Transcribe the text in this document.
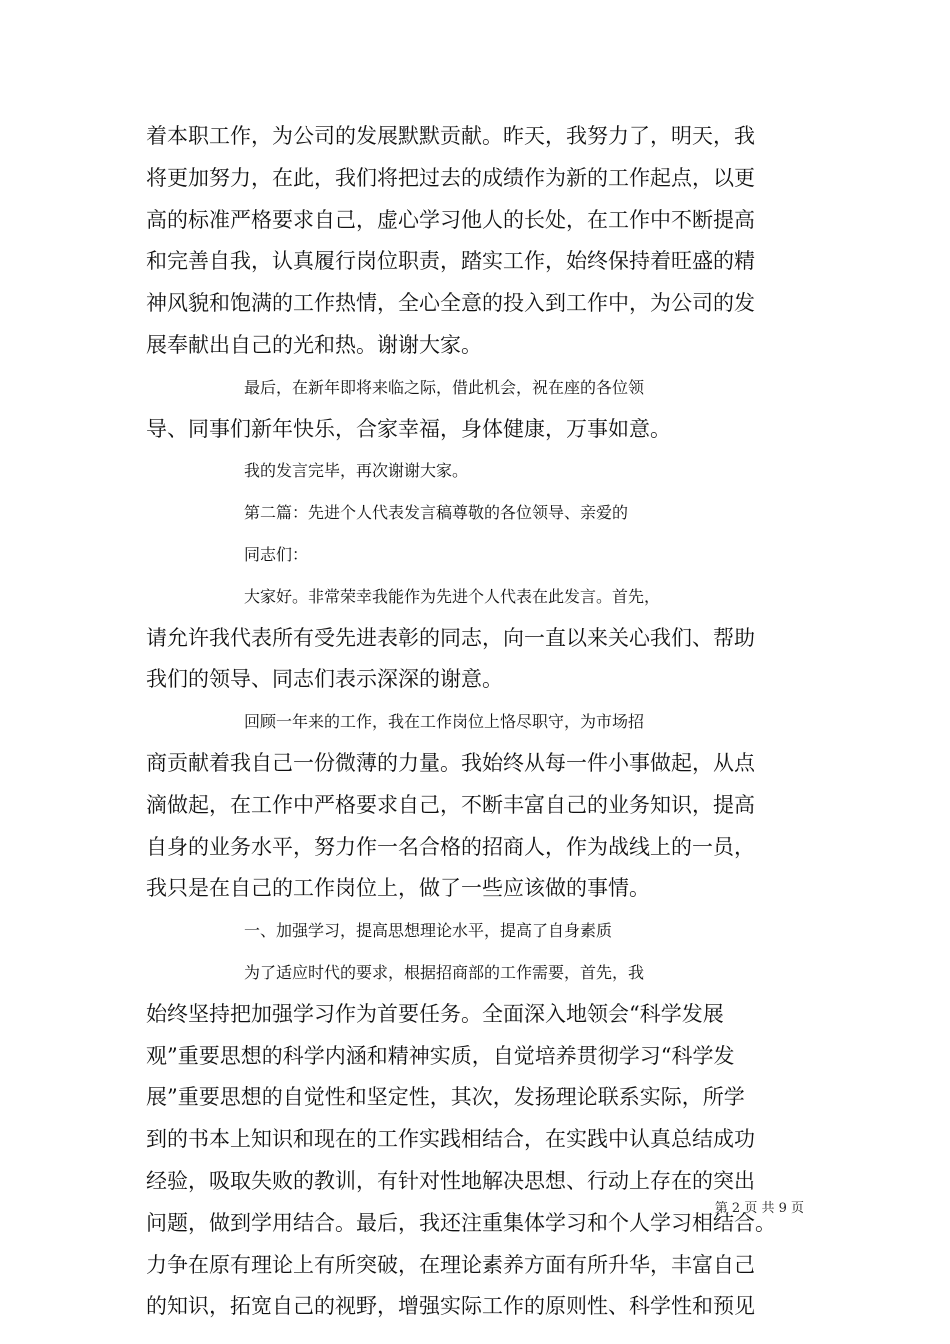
着本职工作，为公司的发展默默贡献。昨天，我努力了，明天，我
将更加努力，在此，我们将把过去的成绩作为新的工作起点，以更
高的标准严格要求自己，虚心学习他人的长处，在工作中不断提高
和完善自我，认真履行岗位职责，踏实工作，始终保持着旺盛的精
神风貌和饱满的工作热情，全心全意的投入到工作中，为公司的发
展奉献出自己的光和热。谢谢大家。
最后，在新年即将来临之际，借此机会，祝在座的各位领
导、同事们新年快乐，合家幸福，身体健康，万事如意。
我的发言完毕，再次谢谢大家。
第二篇：先进个人代表发言稿尊敬的各位领导、亲爱的
同志们：
大家好。非常荣幸我能作为先进个人代表在此发言。首先，
请允许我代表所有受先进表彰的同志，向一直以来关心我们、帮助
我们的领导、同志们表示深深的谢意。
回顾一年来的工作，我在工作岗位上恪尽职守，为市场招
商贡献着我自己一份微薄的力量。我始终从每一件小事做起，从点
滴做起，在工作中严格要求自己，不断丰富自己的业务知识，提高
自身的业务水平，努力作一名合格的招商人，作为战线上的一员，
我只是在自己的工作岗位上，做了一些应该做的事情。
一、加强学习，提高思想理论水平，提高了自身素质
为了适应时代的要求，根据招商部的工作需要，首先，我
始终坚持把加强学习作为首要任务。全面深入地领会“科学发展
观”重要思想的科学内涵和精神实质，自觉培养贯彻学习“科学发
展”重要思想的自觉性和坚定性，其次，发扬理论联系实际，所学
到的书本上知识和现在的工作实践相结合，在实践中认真总结成功
经验，吸取失败的教训，有针对性地解决思想、行动上存在的突出
问题，做到学用结合。最后，我还注重集体学习和个人学习相结合。
力争在原有理论上有所突破，在理论素养方面有所升华，丰富自己
的知识，拓宽自己的视野，增强实际工作的原则性、科学性和预见
第 2 页 共 9 页
